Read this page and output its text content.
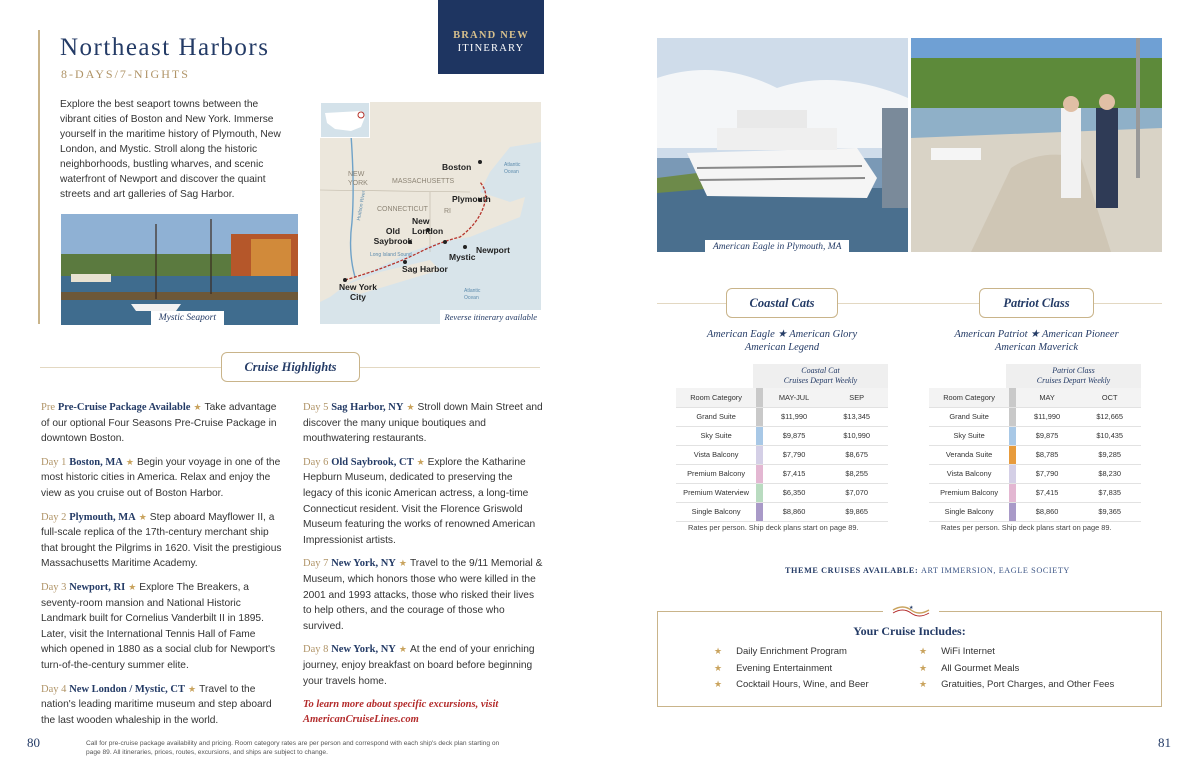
Northeast Harbors
8-DAYS/7-NIGHTS
BRAND NEW
ITINERARY
Explore the best seaport towns between the vibrant cities of Boston and New York. Immerse yourself in the maritime history of Plymouth, New London, and Mystic. Stroll along the historic neighborhoods, bustling wharves, and scenic waterfront of Newport and discover the quaint streets and art galleries of Sag Harbor.
Mystic Seaport
NEW YORK	MASSACHUSETTS
CONNECTICUT RI
Atlantic Ocean
Atlantic Ocean
Long Island Sound
Hudson River
Boston
Plymouth
New London
Old Saybrook
Newport
Mystic
Sag Harbor
New York City
Reverse itinerary available
Cruise Highlights
Pre Pre-Cruise Package Available ★ Take advantage of our optional Four Seasons Pre-Cruise Package in downtown Boston.
Day 1 Boston, MA ★ Begin your voyage in one of the most historic cities in America. Relax and enjoy the view as you cruise out of Boston Harbor.
Day 2 Plymouth, MA ★ Step aboard Mayflower II, a full-scale replica of the 17th-century merchant ship that brought the Pilgrims in 1620. Visit the prestigious Massachusetts Maritime Academy.
Day 3 Newport, RI ★ Explore The Breakers, a seventy-room mansion and National Historic Landmark built for Cornelius Vanderbilt II in 1895. Later, visit the International Tennis Hall of Fame which opened in 1880 as a social club for Newport's turn-of-the-century summer elite.
Day 4 New London / Mystic, CT ★ Travel to the nation's leading maritime museum and step aboard the last wooden whaleship in the world.
Day 5 Sag Harbor, NY ★ Stroll down Main Street and discover the many unique boutiques and mouthwatering restaurants.
Day 6 Old Saybrook, CT ★ Explore the Katharine Hepburn Museum, dedicated to preserving the legacy of this iconic American actress, a long-time Connecticut resident. Visit the Florence Griswold Museum featuring the works of renowned American Impressionist artists.
Day 7 New York, NY ★ Travel to the 9/11 Memorial & Museum, which honors those who were killed in the 2001 and 1993 attacks, those who risked their lives to help others, and the courage of those who survived.
Day 8 New York, NY ★ At the end of your enriching journey, enjoy breakfast on board before beginning your travels home.
To learn more about specific excursions, visit AmericanCruiseLines.com
80	Call for pre-cruise package availability and pricing. Room category rates are per person and correspond with each ship's deck plan starting on page 89. All itineraries, prices, routes, excursions, and ships are subject to change.
American Eagle in Plymouth, MA
Coastal Cats	Patriot Class
American Eagle ★ American Glory
American Legend
American Patriot ★ American Pioneer
American Maverick
Coastal Cat
Cruises Depart Weekly
Room Category		MAY-JUL	SEP
Grand Suite		$11,990	$13,345
Sky Suite		$9,875	$10,990
Vista Balcony		$7,790	$8,675
Premium Balcony		$7,415	$8,255
Premium Waterview		$6,350	$7,070
Single Balcony		$8,860	$9,865
Rates per person. Ship deck plans start on page 89.
Patriot Class
Cruises Depart Weekly
Room Category		MAY	OCT
Grand Suite		$11,990	$12,665
Sky Suite		$9,875	$10,435
Veranda Suite		$8,785	$9,285
Vista Balcony		$7,790	$8,230
Premium Balcony		$7,415	$7,835
Single Balcony		$8,860	$9,365
Rates per person. Ship deck plans start on page 89.
THEME CRUISES AVAILABLE: ART IMMERSION, EAGLE SOCIETY
★
Your Cruise Includes:
★ Daily Enrichment Program
★ Evening Entertainment
★ Cocktail Hours, Wine, and Beer
★ WiFi Internet
★ All Gourmet Meals
★ Gratuities, Port Charges, and Other Fees
81
